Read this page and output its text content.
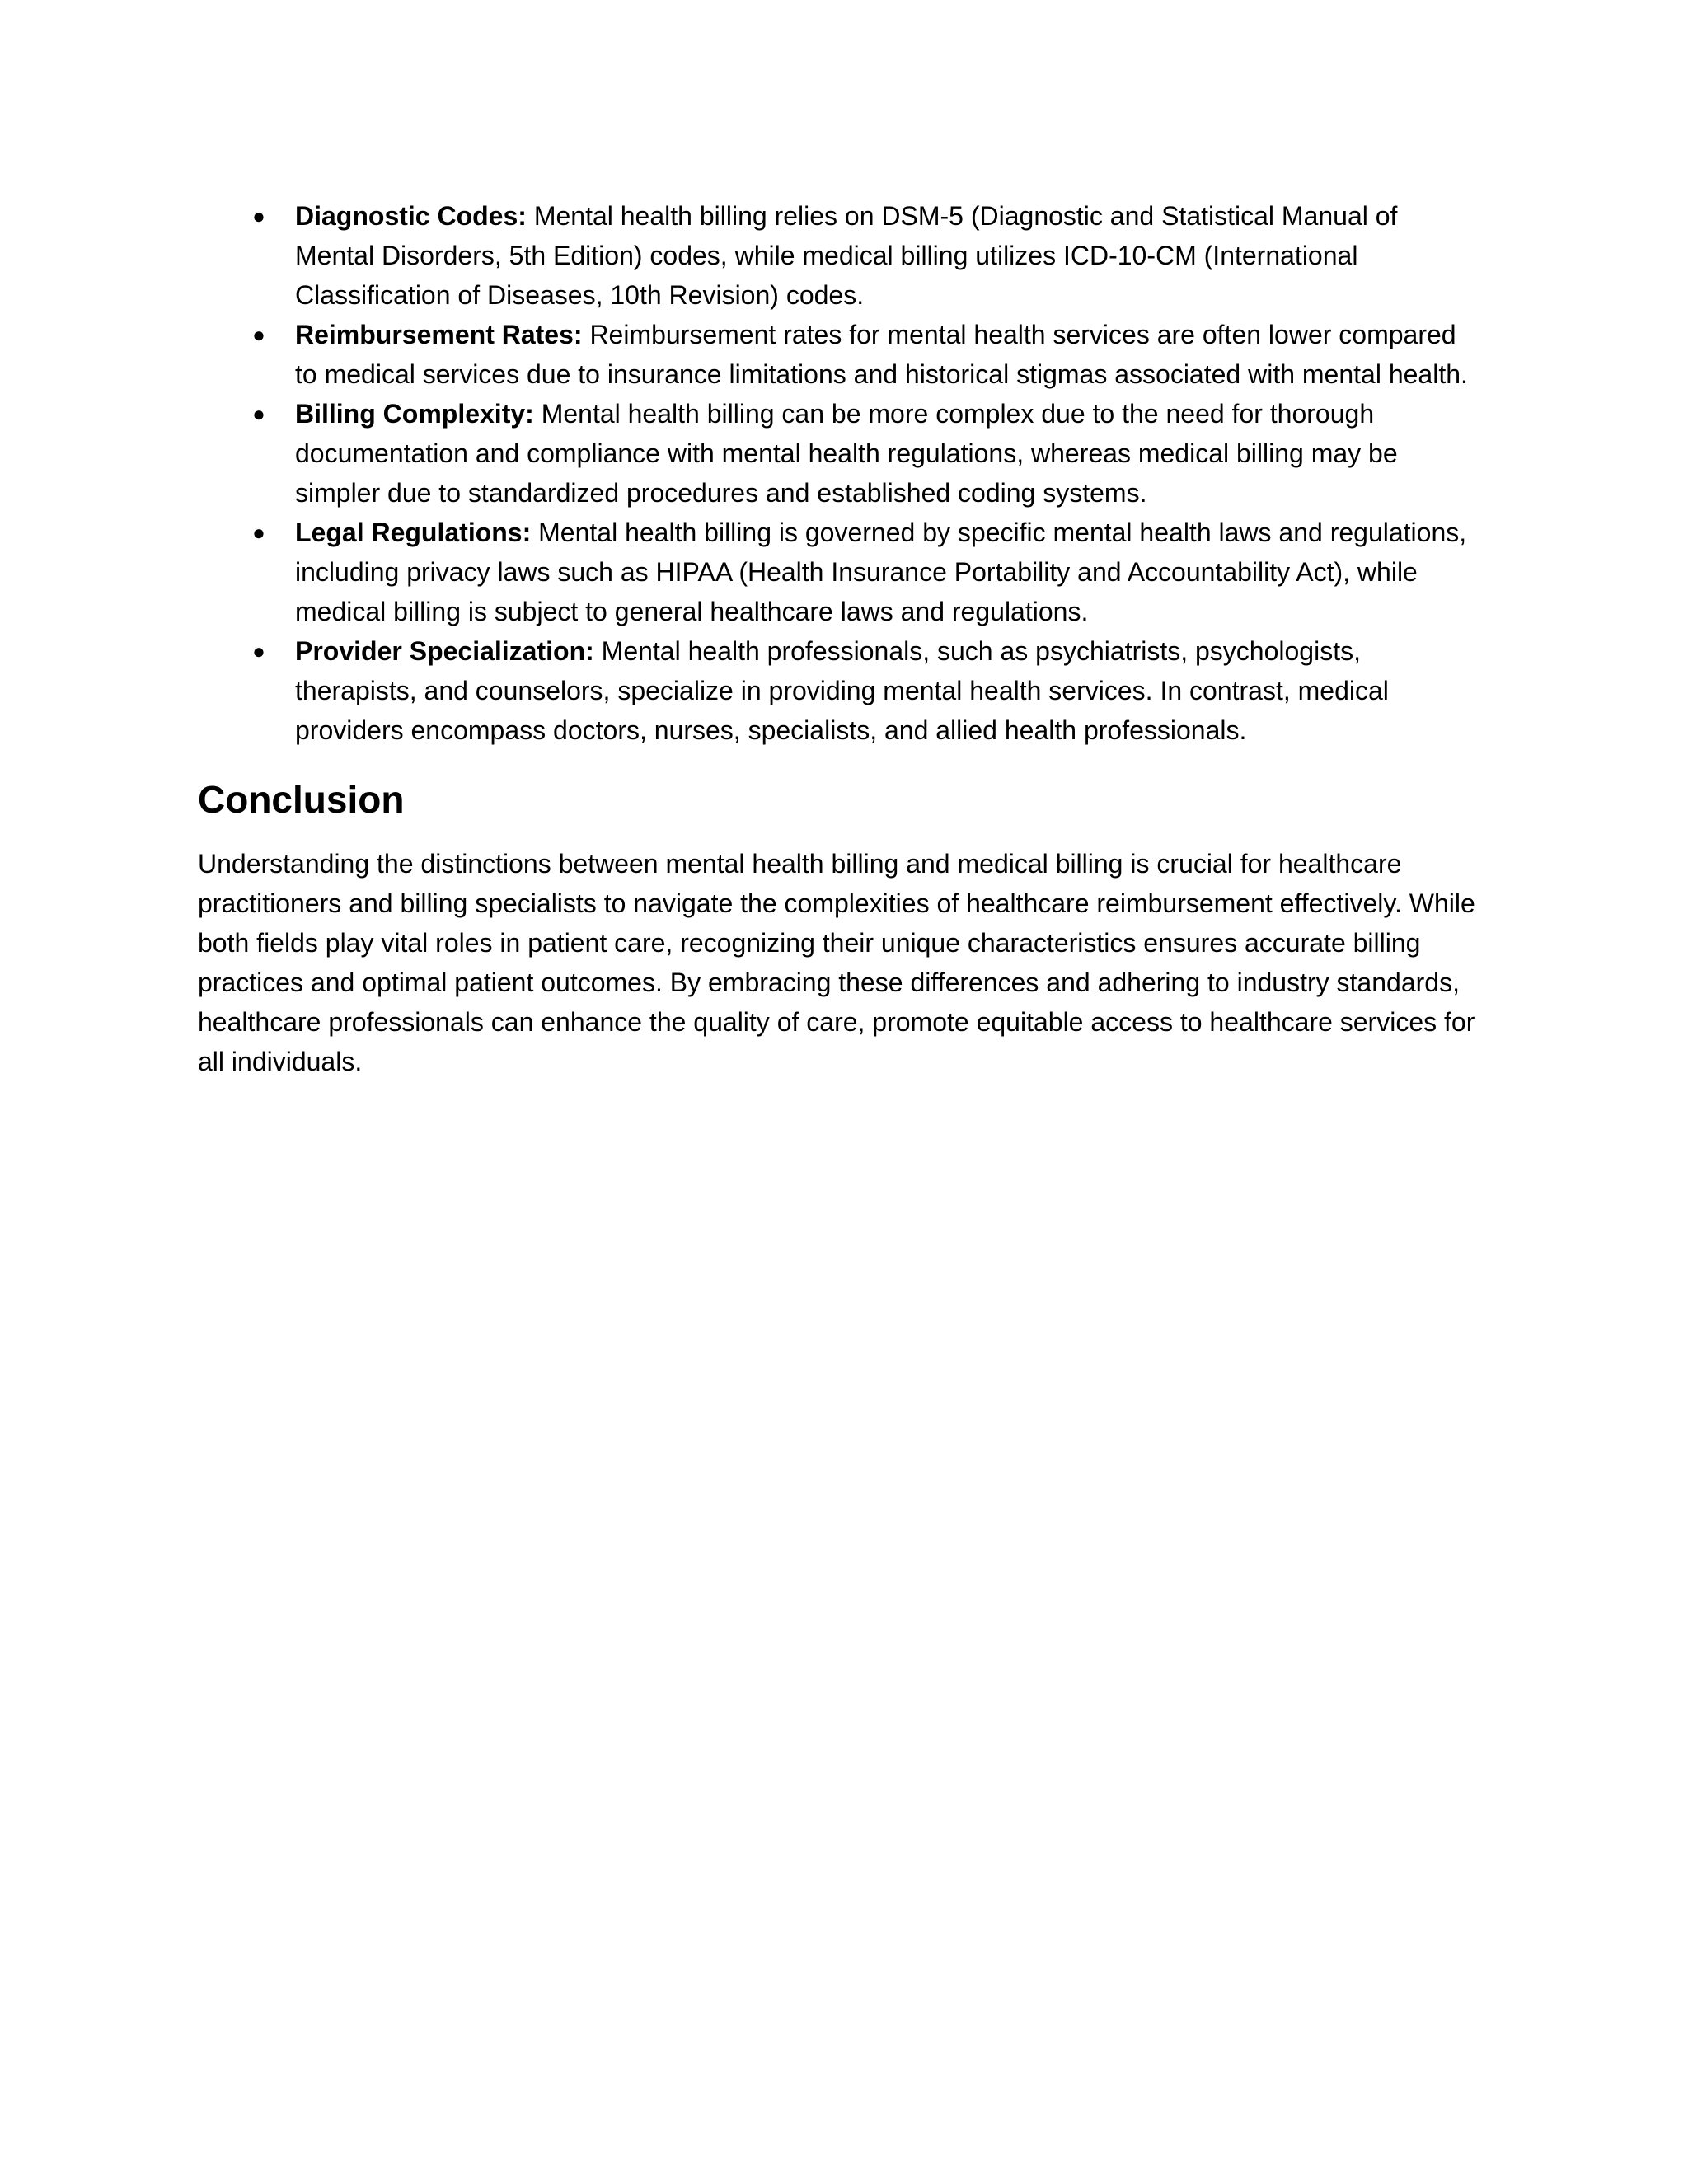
● Diagnostic Codes: Mental health billing relies on DSM-5 (Diagnostic and Statistical Manual of Mental Disorders, 5th Edition) codes, while medical billing utilizes ICD-10-CM (International Classification of Diseases, 10th Revision) codes.
● Reimbursement Rates: Reimbursement rates for mental health services are often lower compared to medical services due to insurance limitations and historical stigmas associated with mental health.
● Billing Complexity: Mental health billing can be more complex due to the need for thorough documentation and compliance with mental health regulations, whereas medical billing may be simpler due to standardized procedures and established coding systems.
● Legal Regulations: Mental health billing is governed by specific mental health laws and regulations, including privacy laws such as HIPAA (Health Insurance Portability and Accountability Act), while medical billing is subject to general healthcare laws and regulations.
● Provider Specialization: Mental health professionals, such as psychiatrists, psychologists, therapists, and counselors, specialize in providing mental health services. In contrast, medical providers encompass doctors, nurses, specialists, and allied health professionals.
Conclusion

Understanding the distinctions between mental health billing and medical billing is crucial for healthcare practitioners and billing specialists to navigate the complexities of healthcare reimbursement effectively. While both fields play vital roles in patient care, recognizing their unique characteristics ensures accurate billing practices and optimal patient outcomes. By embracing these differences and adhering to industry standards, healthcare professionals can enhance the quality of care, promote equitable access to healthcare services for all individuals.
